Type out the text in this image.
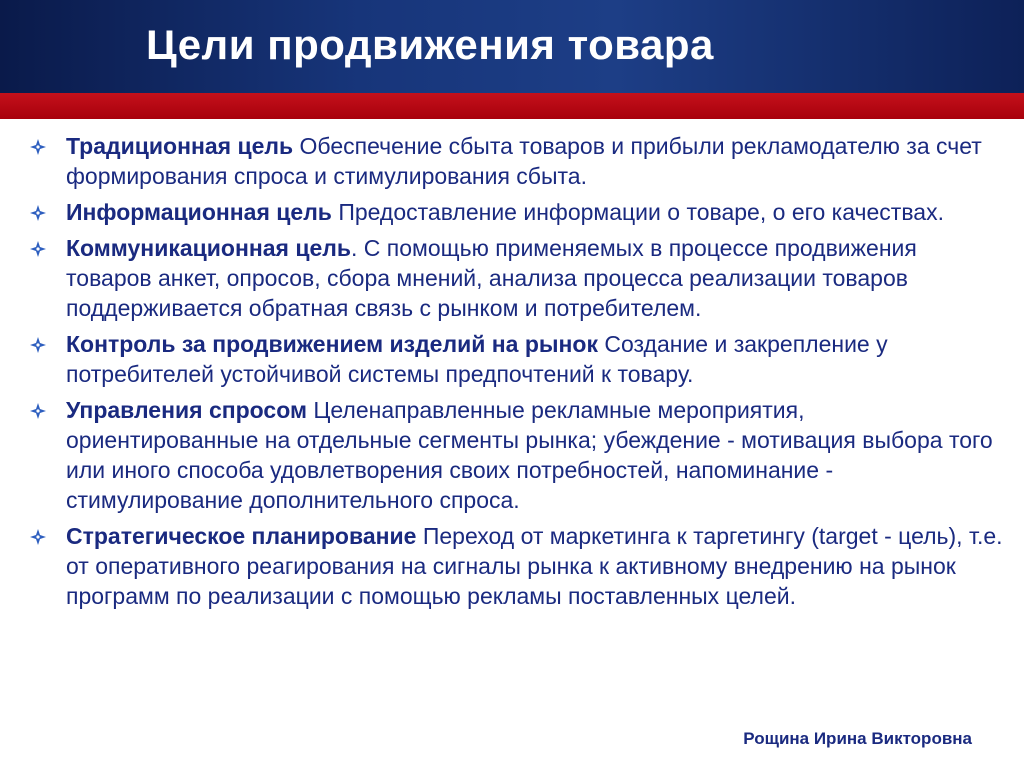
Цели продвижения товара
Традиционная цель Обеспечение сбыта товаров и прибыли рекламодателю за счет формирования спроса и стимулирования сбыта.
Информационная цель Предоставление информации о товаре, о его качествах.
Коммуникационная цель. С помощью применяемых в процессе продвижения товаров анкет, опросов, сбора мнений, анализа процесса реализации товаров поддерживается обратная связь с рынком и потребителем.
Контроль за продвижением изделий на рынок Создание и закрепление у потребителей устойчивой системы предпочтений к товару.
Управления спросом Целенаправленные рекламные мероприятия, ориентированные на отдельные сегменты рынка; убеждение - мотивация выбора того или иного способа удовлетворения своих потребностей, напоминание - стимулирование дополнительного спроса.
Стратегическое планирование Переход от маркетинга к таргетингу (target - цель), т.е. от оперативного реагирования на сигналы рынка к активному внедрению на рынок программ по реализации с помощью рекламы поставленных целей.
Рощина Ирина Викторовна
